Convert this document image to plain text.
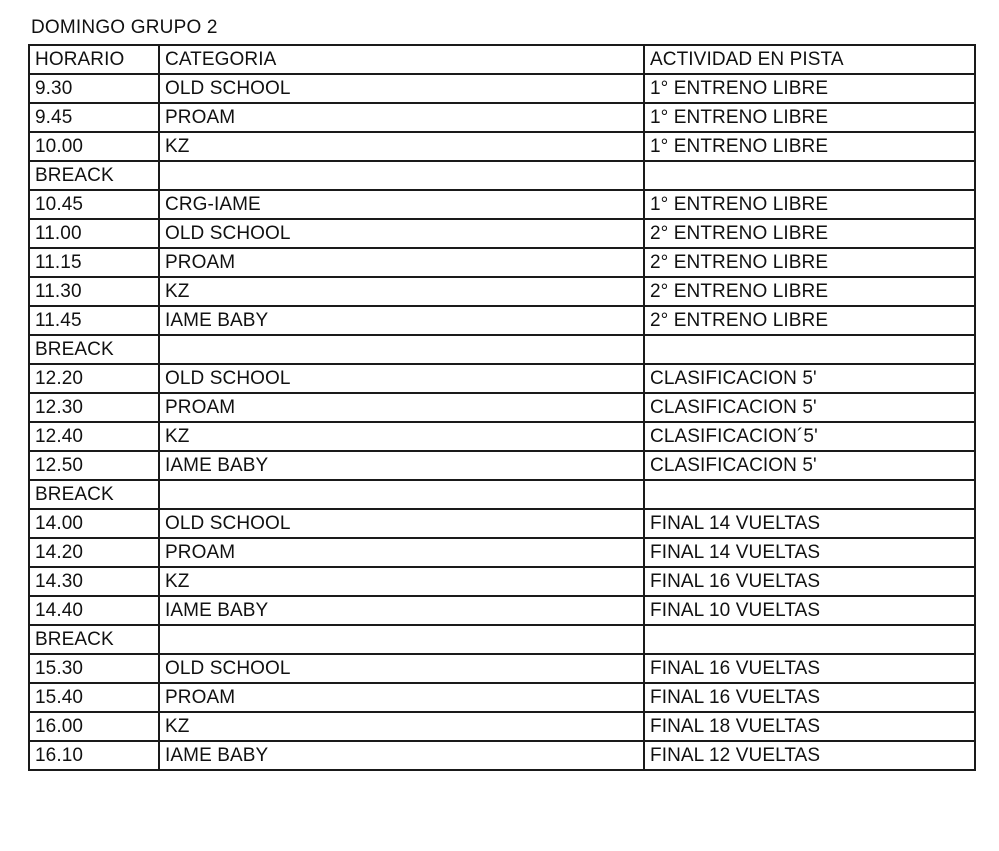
DOMINGO GRUPO 2
HORARIO	CATEGORIA	ACTIVIDAD EN PISTA
9.30	OLD SCHOOL	1° ENTRENO LIBRE
9.45	PROAM	1° ENTRENO LIBRE
10.00	KZ	1° ENTRENO LIBRE
BREACK		
10.45	CRG-IAME	1° ENTRENO LIBRE
11.00	OLD SCHOOL	2° ENTRENO LIBRE
11.15	PROAM	2° ENTRENO LIBRE
11.30	KZ	2° ENTRENO LIBRE
11.45	IAME BABY	2° ENTRENO LIBRE
BREACK		
12.20	OLD SCHOOL	CLASIFICACION 5'
12.30	PROAM	CLASIFICACION 5'
12.40	KZ	CLASIFICACION´5'
12.50	IAME BABY	CLASIFICACION 5'
BREACK		
14.00	OLD SCHOOL	FINAL 14 VUELTAS
14.20	PROAM	FINAL 14 VUELTAS
14.30	KZ	FINAL 16 VUELTAS
14.40	IAME BABY	FINAL 10 VUELTAS
BREACK		
15.30	OLD SCHOOL	FINAL 16 VUELTAS
15.40	PROAM	FINAL 16 VUELTAS
16.00	KZ	FINAL 18 VUELTAS
16.10	IAME BABY	FINAL 12 VUELTAS
